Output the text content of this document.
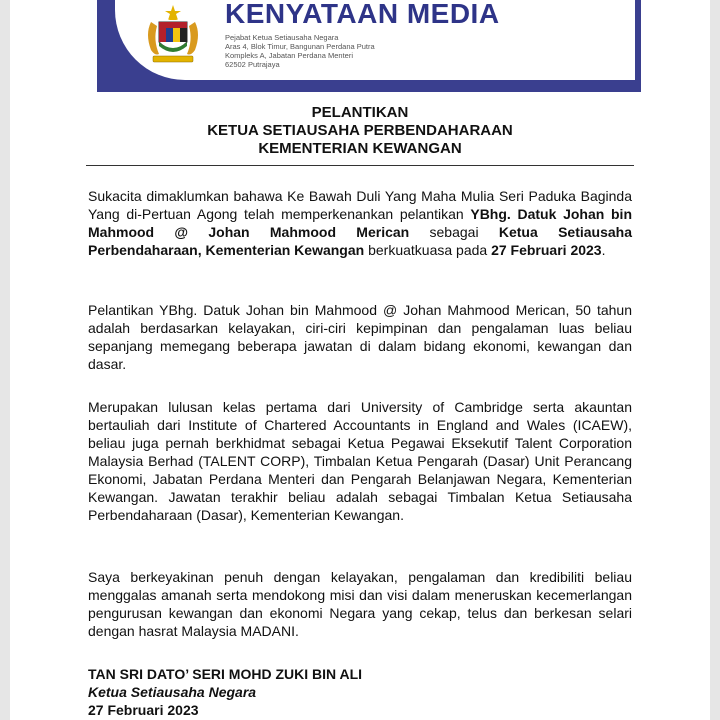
KENYATAAN MEDIA
Pejabat Ketua Setiausaha Negara
Aras 4, Blok Timur, Bangunan Perdana Putra
Kompleks A, Jabatan Perdana Menteri
62502 Putrajaya
PELANTIKAN
KETUA SETIAUSAHA PERBENDAHARAAN
KEMENTERIAN KEWANGAN

Sukacita dimaklumkan bahawa Ke Bawah Duli Yang Maha Mulia Seri Paduka Baginda Yang di-Pertuan Agong telah memperkenankan pelantikan YBhg. Datuk Johan bin Mahmood @ Johan Mahmood Merican sebagai Ketua Setiausaha Perbendaharaan, Kementerian Kewangan berkuatkuasa pada 27 Februari 2023.

Pelantikan YBhg. Datuk Johan bin Mahmood @ Johan Mahmood Merican, 50 tahun adalah berdasarkan kelayakan, ciri-ciri kepimpinan dan pengalaman luas beliau sepanjang memegang beberapa jawatan di dalam bidang ekonomi, kewangan dan dasar.

Merupakan lulusan kelas pertama dari University of Cambridge serta akauntan bertauliah dari Institute of Chartered Accountants in England and Wales (ICAEW), beliau juga pernah berkhidmat sebagai Ketua Pegawai Eksekutif Talent Corporation Malaysia Berhad (TALENT CORP), Timbalan Ketua Pengarah (Dasar) Unit Perancang Ekonomi, Jabatan Perdana Menteri dan Pengarah Belanjawan Negara, Kementerian Kewangan. Jawatan terakhir beliau adalah sebagai Timbalan Ketua Setiausaha Perbendaharaan (Dasar), Kementerian Kewangan.

Saya berkeyakinan penuh dengan kelayakan, pengalaman dan kredibiliti beliau menggalas amanah serta mendokong misi dan visi dalam meneruskan kecemerlangan pengurusan kewangan dan ekonomi Negara yang cekap, telus dan berkesan selari dengan hasrat Malaysia MADANI.

TAN SRI DATO’ SERI MOHD ZUKI BIN ALI
Ketua Setiausaha Negara
27 Februari 2023
